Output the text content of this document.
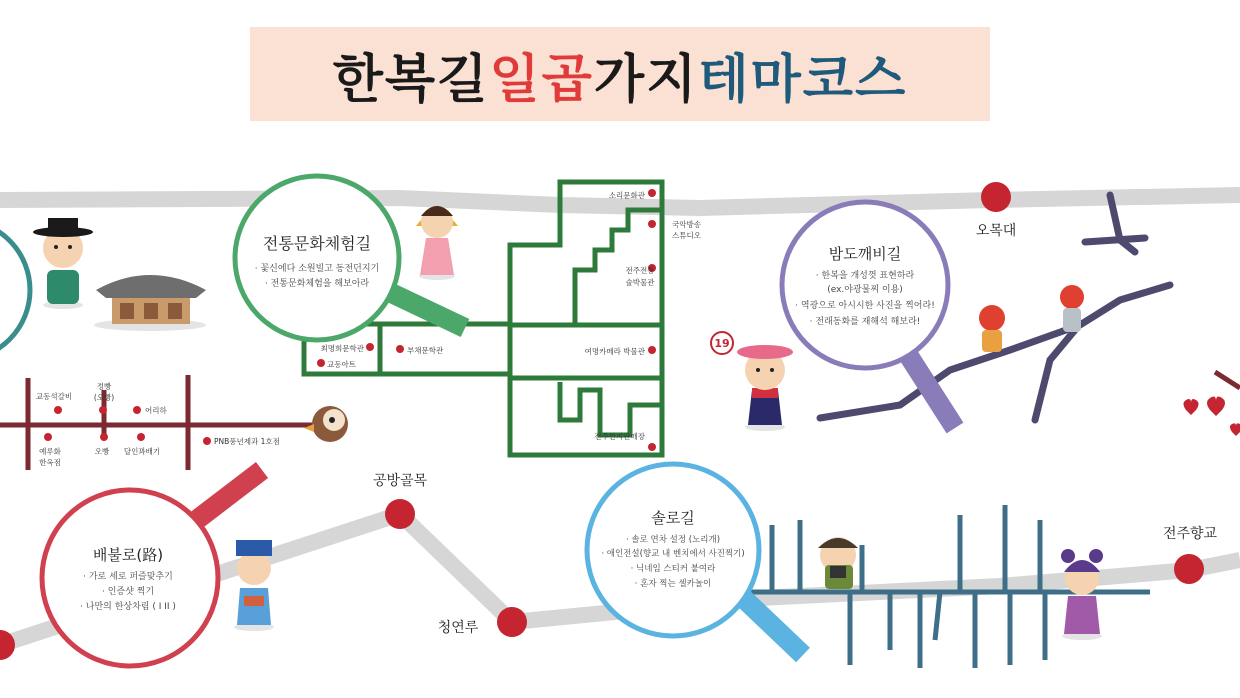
19
전통문화체험길
· 꽃신에다 소원빌고 동전던지기
· 전통문화체험을 해보아라
밤도깨비길
· 한복을 개성껏 표현하라
(ex.야광물찌 이용)
· 역광으로 아시시한 사진을 찍어라!
· 전래동화를 재해석 해보라!
배불로(路)
· 가로 세로 퍼즐맞추기
· 인증샷 찍기
· 나만의 한상차림 ( I II )
솔로길
· 솔로 연차 설정 (노리개)
· 애인전설(향교 내 벤치에서 사진찍기)
· 닉네임 스티커 붙여라
· 혼자 찍는 셀카놀이
오목대
공방골목
청연루
전주향교
소리문화관
국악방송
스튜디오
전주전통
술박물관
최명희문학관
교동아트
부채문학관	여명카메라 박물관
전주한지판매장
교동석갈비
정빵
(오빵)
어리하
예루화
한옥점
오빵 달인꽈배기
PNB풍년제과 1호점
한복길 일곱 가지 테마코스
